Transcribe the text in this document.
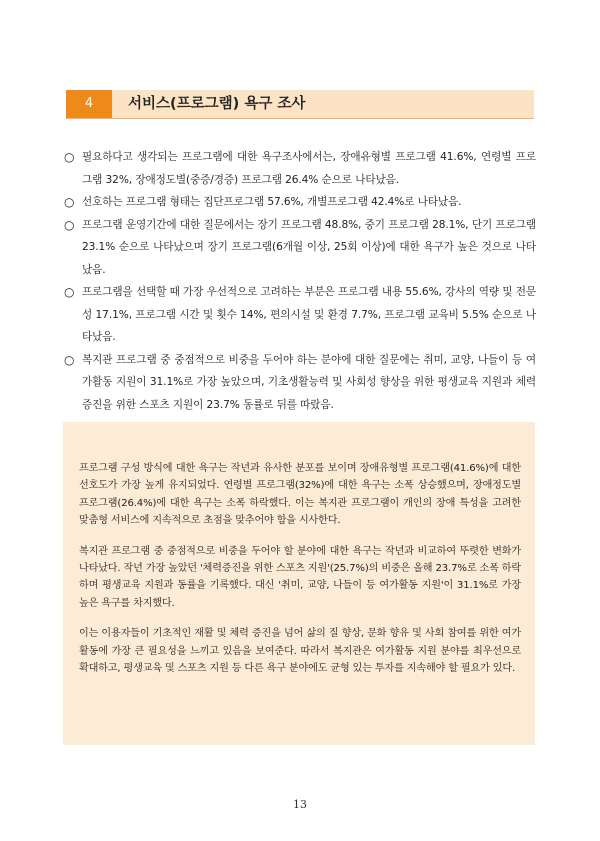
4	서비스(프로그램) 욕구 조사
○ 필요하다고 생각되는 프로그램에 대한 욕구조사에서는, 장애유형별 프로그램 41.6%, 연령별 프로그램 32%, 장애정도별(중증/경증) 프로그램 26.4% 순으로 나타났음.
○ 선호하는 프로그램 형태는 집단프로그램 57.6%, 개별프로그램 42.4%로 나타났음.
○ 프로그램 운영기간에 대한 질문에서는 장기 프로그램 48.8%, 중기 프로그램 28.1%, 단기 프로그램 23.1% 순으로 나타났으며 장기 프로그램(6개월 이상, 25회 이상)에 대한 욕구가 높은 것으로 나타났음.
○ 프로그램을 선택할 때 가장 우선적으로 고려하는 부분은 프로그램 내용 55.6%, 강사의 역량 및 전문성 17.1%, 프로그램 시간 및 횟수 14%, 편의시설 및 환경 7.7%, 프로그램 교육비 5.5% 순으로 나타났음.
○ 복지관 프로그램 중 중점적으로 비중을 두어야 하는 분야에 대한 질문에는 취미, 교양, 나들이 등 여가활동 지원이 31.1%로 가장 높았으며, 기초생활능력 및 사회성 향상을 위한 평생교육 지원과 체력증진을 위한 스포츠 지원이 23.7% 동률로 뒤를 따랐음.

프로그램 구성 방식에 대한 욕구는 작년과 유사한 분포를 보이며 장애유형별 프로그램(41.6%)에 대한 선호도가 가장 높게 유지되었다. 연령별 프로그램(32%)에 대한 욕구는 소폭 상승했으며, 장애정도별 프로그램(26.4%)에 대한 욕구는 소폭 하락했다. 이는 복지관 프로그램이 개인의 장애 특성을 고려한 맞춤형 서비스에 지속적으로 초점을 맞추어야 함을 시사한다.

복지관 프로그램 중 중점적으로 비중을 두어야 할 분야에 대한 욕구는 작년과 비교하여 뚜렷한 변화가 나타났다. 작년 가장 높았던 '체력증진을 위한 스포츠 지원'(25.7%)의 비중은 올해 23.7%로 소폭 하락하며 평생교육 지원과 동률을 기록했다. 대신 '취미, 교양, 나들이 등 여가활동 지원'이 31.1%로 가장 높은 욕구를 차지했다.

이는 이용자들이 기초적인 재활 및 체력 증진을 넘어 삶의 질 향상, 문화 향유 및 사회 참여를 위한 여가 활동에 가장 큰 필요성을 느끼고 있음을 보여준다. 따라서 복지관은 여가활동 지원 분야를 최우선으로 확대하고, 평생교육 및 스포츠 지원 등 다른 욕구 분야에도 균형 있는 투자를 지속해야 할 필요가 있다.

13
